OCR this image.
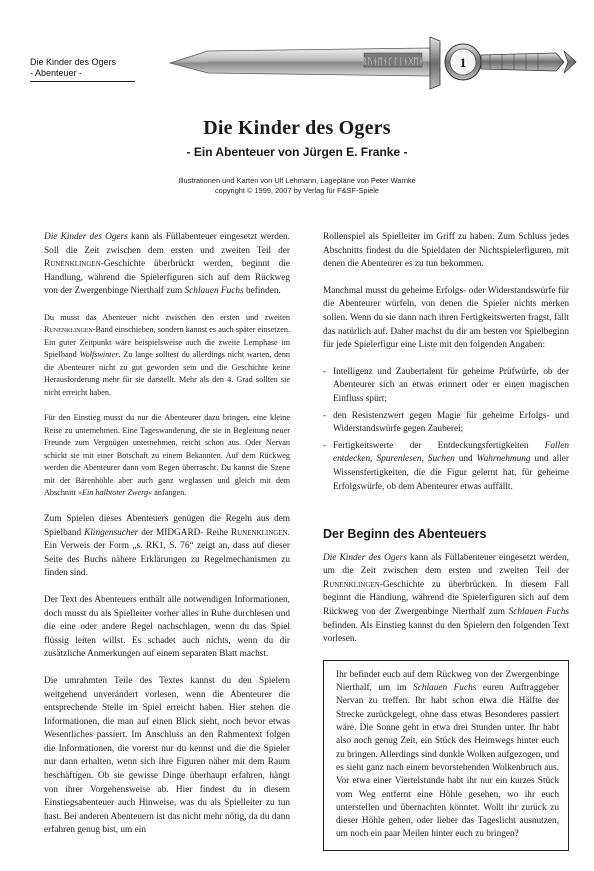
Die Kinder des Ogers
- Abenteuer -
ᚱᚢᚾᛖᚾᚴᛚᛁᚾᚷᛖᚾ	1
Die Kinder des Ogers
- Ein Abenteuer von Jürgen E. Franke -
Illustrationen und Karten von Ulf Lehmann, Lagepläne von Peter Warnke
copyright © 1999, 2007 by Verlag für F&SF-Spiele

Die Kinder des Ogers kann als Füllabenteuer eingesetzt werden. Soll die Zeit zwischen dem ersten und zweiten Teil der Runenklingen-Geschichte überbrückt werden, beginnt die Handlung, während die Spielerfiguren sich auf dem Rückweg von der Zwergenbinge Nierthalf zum Schlauen Fuchs befinden.

Du musst das Abenteuer nicht zwischen den ersten und zweiten Runenklingen-Band einschieben, sondern kannst es auch später einsetzen. Ein guter Zeitpunkt wäre beispielsweise auch die zweite Lernphase im Spielband Wolfswinter. Zu lange solltest du allerdings nicht warten, denn die Abenteurer nicht zu gut geworden sein und die Geschichte keine Herausforderung mehr für sie darstellt. Mehr als den 4. Grad sollten sie nicht erreicht haben.

Für den Einstieg musst du nur die Abenteurer dazu bringen, eine kleine Reise zu unternehmen. Eine Tageswanderung, die sie in Begleitung neuer Freunde zum Vergnügen unternehmen, reicht schon aus. Oder Nervan schickt sie mit einer Botschaft zu einem Bekannten. Auf dem Rückweg werden die Abenteurer dann vom Regen überrascht. Du kannst die Szene mit der Bärenhöhle aber auch ganz weglassen und gleich mit dem Abschnitt »Ein halbtoter Zwerg« anfangen.

Zum Spielen dieses Abenteuers genügen die Regeln aus dem Spielband Klingensucher der MIDGARD- Reihe Runenklingen. Ein Verweis der Form „s. RK1, S. 76“ zeigt an, dass auf dieser Seite des Buchs nähere Erklärungen zu Regelmechanismen zu finden sind.

Der Text des Abenteuers enthält alle notwendigen Informationen, doch musst du als Spielleiter vorher alles in Ruhe durchlesen und die eine oder andere Regel nachschlagen, wenn du das Spiel flüssig leiten willst. Es schadet auch nichts, wenn du dir zusätzliche Anmerkungen auf einem separaten Blatt machst.

Die umrahmten Teile des Textes kannst du den Spielern weitgehend unverändert vorlesen, wenn die Abenteurer die entsprechende Stelle im Spiel erreicht haben. Hier stehen die Informationen, die man auf einen Blick sieht, noch bevor etwas Wesentliches passiert. Im Anschluss an den Rahmentext folgen die Informationen, die vorerst nur du kennst und die die Spieler nur dann erhalten, wenn sich ihre Figuren näher mit dem Raum beschäftigen. Ob sie gewisse Dinge überhaupt erfahren, hängt von ihrer Vorgehensweise ab. Hier findest du in diesem Einstiegsabenteuer auch Hinweise, was du als Spielleiter zu tun hast. Bei anderen Abenteuern ist das nicht mehr nötig, da du dann erfahren genug bist, um ein

Rollenspiel als Spielleiter im Griff zu haben. Zum Schluss jedes Abschnitts findest du die Spieldaten der Nichtspielerfiguren, mit denen die Abenteurer es zu tun bekommen.

Manchmal musst du geheime Erfolgs- oder Widerstandswürfe für die Abenteurer würfeln, von denen die Spieler nichts merken sollen. Wenn du sie dann nach ihren Fertigkeitswerten fragst, fällt das natürlich auf. Daher machst du dir am besten vor Spielbeginn für jede Spielerfigur eine Liste mit den folgenden Angaben:

- Intelligenz und Zaubertalent für geheime Prüfwürfe, ob der Abenteurer sich an etwas erinnert oder er einen magischen Einfluss spürt;
- den Resistenzwert gegen Magie für geheime Erfolgs- und Widerstandswürfe gegen Zauberei;
- Fertigkeitswerte der Entdeckungsfertigkeiten Fallen entdecken, Spurenlesen, Suchen und Wahrnehmung und aller Wissensfertigkeiten, die die Figur gelernt hat, für geheime Erfolgswürfe, ob dem Abenteurer etwas auffällt.
Der Beginn des Abenteuers

Die Kinder des Ogers kann als Füllabenteuer eingesetzt werden, um die Zeit zwischen dem ersten und zweiten Teil der Runenklingen-Geschichte zu überbrücken. In diesem Fall beginnt die Handlung, während die Spielerfiguren sich auf dem Rückweg von der Zwergenbinge Nierthalf zum Schlauen Fuchs befinden. Als Einstieg kannst du den Spielern den folgenden Text vorlesen.

Ihr befindet euch auf dem Rückweg von der Zwergenbinge Nierthalf, um im Schlauen Fuchs euren Auftraggeber Nervan zu treffen. Ihr habt schon etwa die Hälfte der Strecke zurückgelegt, ohne dass etwas Besonderes passiert wäre. Die Sonne geht in etwa drei Stunden unter. Ihr habt also noch genug Zeit, ein Stück des Heimwegs hinter euch zu bringen. Allerdings sind dunkle Wolken aufgezogen, und es sieht ganz nach einem bevorstehenden Wolkenbruch aus. Vor etwa einer Viertelstunde habt ihr nur ein kurzes Stück vom Weg entfernt eine Höhle gesehen, wo ihr euch unterstellen und übernachten könntet. Wollt ihr zurück zu dieser Höhle gehen, oder lieber das Tageslicht ausnutzen, um noch ein paar Meilen hinter euch zu bringen?
